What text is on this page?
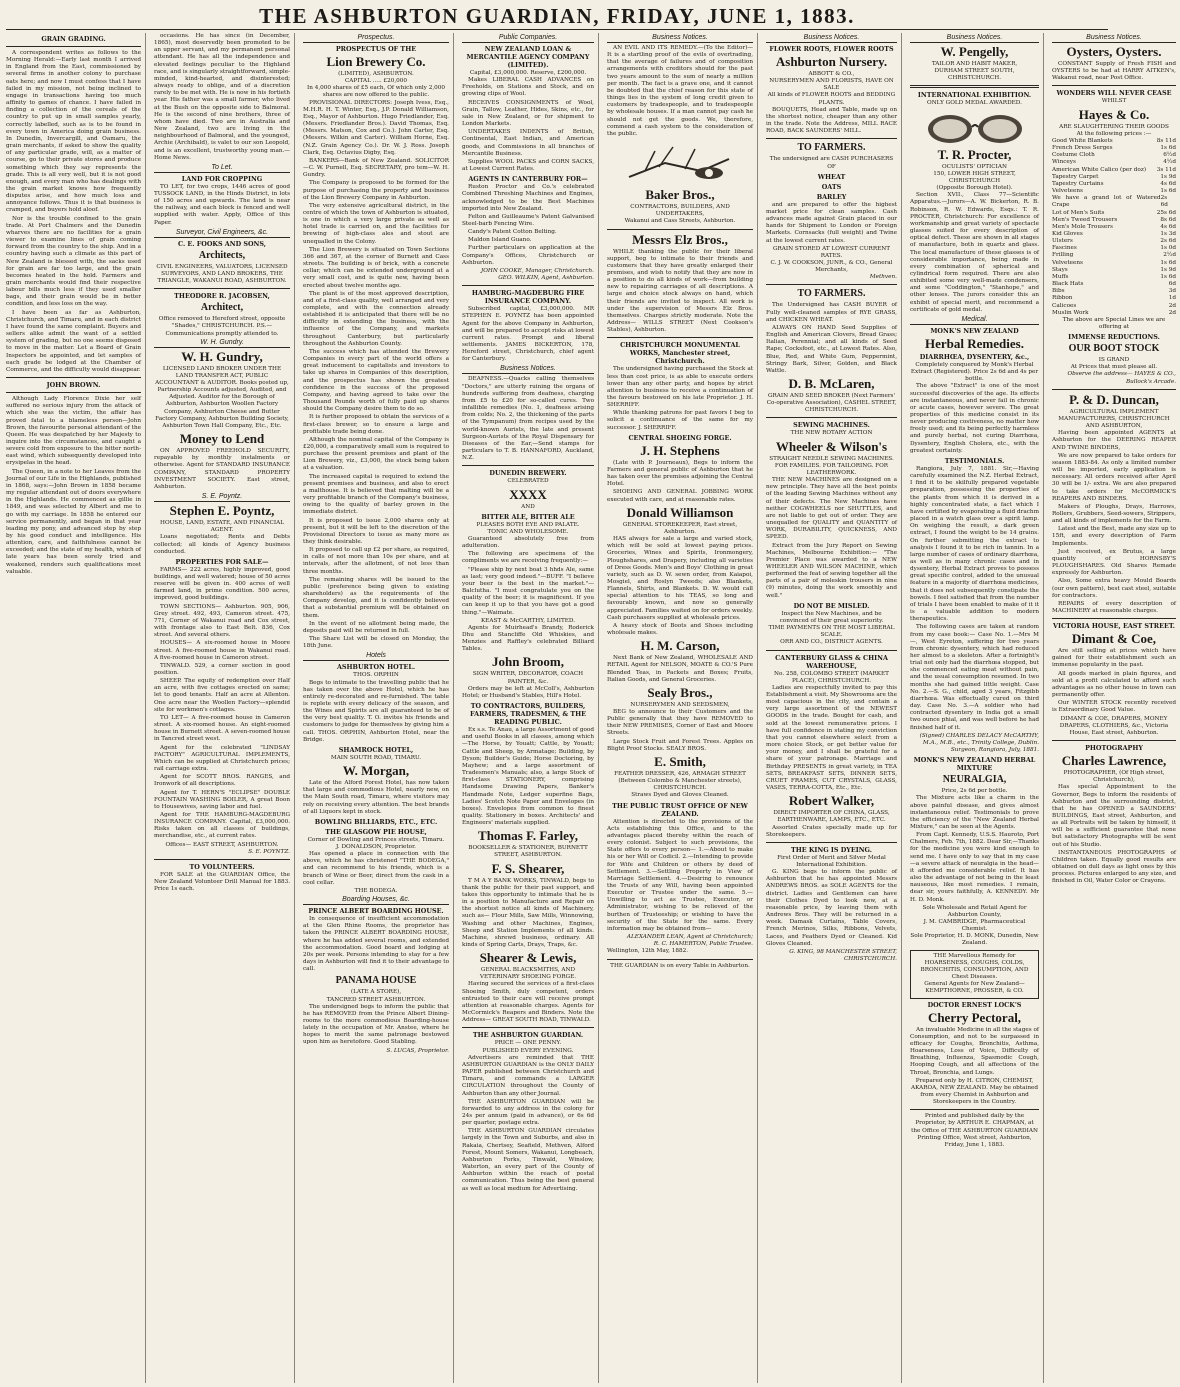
THE ASHBURTON GUARDIAN, FRIDAY, JUNE 1, 1883.
GRAIN GRADING.

A correspondent writes as follows to the Morning Herald:—Early last month I arrived in England from the East, commissioned by several firms in another colony to purchase oats here; and now I must confess that I have failed in my mission, not being inclined to engage in transactions having too much affinity to games of chance. I have failed in finding a collection of the cereals of the country to put up in small samples yearly, correctly labelled, such as is to be found in every town in America doing grain business. In Dunedin, Invercargill, and Oamaru, the grain merchants, if asked to show the quality of any particular grade, will, as a matter of course, go to their private stores and produce something which they say represents the grade. This is all very well, but it is not good enough, and every man who has dealings with the grain market knows how frequently disputes arise, and how much loss and annoyance follows. Thus it is that business is cramped, and buyers hold aloof.

Nor is the trouble confined to the grain trade. At Port Chalmers and the Dunedin wharves there are no facilities for a grain viewer to examine lines of grain coming forward from the country to the ship. And in a country having such a climate as this part of New Zealand is blessed with, the sacks used for grain are far too large, and the grain becomes heated in the hold. Farmers and grain merchants would find their respective labour bills much less if they used smaller bags, and their grain would be in better condition, and less loss on the way.

I have been as far as Ashburton, Christchurch, and Timaru, and in each district I have found the same complaint. Buyers and sellers alike admit the want of a settled system of grading, but no one seems disposed to move in the matter. Let a Board of Grain Inspectors be appointed, and let samples of each grade be lodged at the Chamber of Commerce, and the difficulty would disappear.

JOHN BROWN.

Although Lady Florence Dixie her self suffered no serious injury from the attack of which she was the victim, the affair has proved fatal to a blameless person—John Brown, the favourite personal attendant of the Queen. He was despatched by her Majesty to inquire into the circumstances, and caught a severe cold from exposure to the bitter north-east wind, which subsequently developed into erysipelas in the head.

The Queen, in a note to her Leaves from the Journal of our Life in the Highlands, published in 1868, says:—John Brown in 1858 became my regular attendant out of doors everywhere in the Highlands. He commenced as gillie in 1849, and was selected by Albert and me to go with my carriage. In 1858 he entered our service permanently, and began in that year leading my pony, and advanced step by step by his good conduct and intelligence. His attention, care, and faithfulness cannot be exceeded; and the state of my health, which of late years has been sorely tried and weakened, renders such qualifications most valuable.

occasions. He has since (in December, 1865), most deservedly been promoted to be an upper servant, and my permanent personal attendant. He has all the independence and elevated feelings peculiar to the Highland race, and is singularly straightforward, simple-minded, kind-hearted, and disinterested; always ready to oblige, and of a discretion rarely to be met with. He is now in his fortieth year. His father was a small farmer, who lived at the Bush on the opposite side to Balmoral. He is the second of nine brothers, three of whom have died. Two are in Australia and New Zealand, two are living in the neighbourhood of Balmoral, and the youngest, Archie (Archibald), is valet to our son Leopold, and is an excellent, trustworthy young man.—Home News.

To Let.
LAND FOR CROPPING

TO LET, for two crops, 1446 acres of good TUSSOCK LAND, in the Hinds District, in lots of 150 acres and upwards. The land is near the railway, and each block is fenced and well supplied with water. Apply, Office of this Paper.

Surveyor, Civil Engineers, &c.
C. E. FOOKS AND SONS,
Architects,
CIVIL ENGINEERS, VALUATORS, LICENSED SURVEYORS, AND LAND BROKERS, THE TRIANGLE, WAKANUI ROAD, ASHBURTON.
THEODORE R. JACOBSEN,
Architect,
Office removed to Hereford street, opposite "Shades," CHRISTCHURCH. P.S.—Communications promptly attended to.
W. H. Gundry.
W. H. Gundry,
LICENSED LAND BROKER UNDER THE LAND TRANSFER ACT, PUBLIC ACCOUNTANT & AUDITOR. Books posted up, Partnership Accounts adjusted, Audited, and Adjusted. Auditor for the Borough of Ashburton, Ashburton Woollen Factory Company, Ashburton Cheese and Butter Factory Company, Ashburton Building Society, Ashburton Town Hall Company, Etc., Etc.
Money to Lend

ON APPROVED FREEHOLD SECURITY, repayable by monthly instalments or otherwise. Agent for STANDARD INSURANCE COMPANY, STANDARD PROPERTY INVESTMENT SOCIETY. East street, Ashburton.

S. E. Poyntz.
Stephen E. Poyntz,
HOUSE, LAND, ESTATE, AND FINANCIAL AGENT.

Loans negotiated; Rents and Debts collected; all kinds of Agency business conducted.

PROPERTIES FOR SALE—

FARMS— 222 acres, highly improved, good buildings, and well watered; house of 50 acres reserve will be given in. 400 acres of well farmed land, in prime condition. 500 acres, improved, good buildings.

TOWN SECTIONS— Ashburton. 905, 906, Grey street. 492, 493, Cameron street. 475, 771, Corner of Wakanui road and Cox street, with frontage also to East Belt. 836, Cox street. And several others.

HOUSES— A six-roomed house in Moore street. A five-roomed house in Wakanui road. A five-roomed house in Cameron street.

TINWALD. 529, a corner section in good position.

SHEEP. The equity of redemption over Half an acre, with five cottages erected on same; let to good tenants. Half an acre at Allenton. One acre near the Woollen Factory—splendid site for workmen's cottages.

TO LET— A five-roomed house in Cameron street. A six-roomed house. An eight-roomed house in Burnett street. A seven-roomed house in Tancred street west.

Agent for the celebrated "LINDSAY FACTORY" AGRICULTURAL IMPLEMENTS, Which can be supplied at Christchurch prices; rail carriage extra.

Agent for SCOTT BROS. RANGES, and Ironwork of all descriptions.

Agent for T. HERN'S "ECLIPSE" DOUBLE FOUNTAIN WASHING BOILER, A great Boon to Housewives, saving labor and fuel.

Agent for THE HAMBURG-MAGDEBURG INSURANCE COMPANY. Capital, £3,000,000. Risks taken on all classes of buildings, merchandise, etc., at current rates.

Offices— EAST STREET, ASHBURTON.
S. E. POYNTZ.
TO VOLUNTEERS.

FOR SALE at the GUARDIAN Office, the New Zealand Volunteer Drill Manual for 1883. Price 1s each.

Prospectus.
PROSPECTUS OF THE
Lion Brewery Co.
(LIMITED), ASHBURTON.
CAPITAL ..... £20,000
In 4,000 shares of £5 each, Of which only 2,000 shares are now offered to the public.

PROVISIONAL DIRECTORS: Joseph Ivess, Esq., M.H.R. H. T. Winter, Esq., J.P. Donald Williamson, Esq., Mayor of Ashburton. Hugo Friedlander, Esq. (Messrs. Friedlander Bros.). David Thomas, Esq. (Messrs. Matson, Cox and Co.). John Carter, Esq. (Messrs. Wilkin and Carter). William Horne, Esq. (N.Z. Grain Agency Co.). Dr. W. J. Ross. Joseph Clark, Esq. Octavius Digby, Esq.

BANKERS—Bank of New Zealand. SOLICITOR—C. W. Purnell, Esq. SECRETARY, pro tem—W. H. Gundry.

The Company is proposed to be formed for the purpose of purchasing the property and business of the Lion Brewery Company in Ashburton.

The very extensive agricultural district, in the centre of which the town of Ashburton is situated, is one in which a very large private as well as hotel trade is carried on, and the facilities for brewing of high-class ales and stout are unequalled in the Colony.

The Lion Brewery is situated on Town Sections 366 and 367, at the corner of Burnett and Cass streets. The building is of brick, with a concrete cellar, which can be extended underground at a very small cost, and is quite new, having been erected about twelve months ago.

The plant is of the most approved description, and of a first-class quality, well arranged and very complete, and with the connection already established it is anticipated that there will be no difficulty in extending the business, with the influence of the Company, and markets throughout Canterbury, but particularly throughout the Ashburton County.

The success which has attended the Brewery Companies in every part of the world offers a great inducement to capitalists and investors to take up shares in Companies of this description, and the prospectus has shown the greatest confidence in the success of the proposed Company, and having agreed to take over the Thousand Pounds worth of fully paid up shares should the Company desire them to do so.

It is further proposed to obtain the services of a first-class brewer, so to ensure a large and profitable trade being done.

Although the nominal capital of the Company is £20,000, a comparatively small sum is required to purchase the present premises and plant of the Lion Brewery, viz., £3,000, the stock being taken at a valuation.

The increased capital is required to extend the present premises and business, and also to erect a malthouse. It is believed that malting will be a very profitable branch of the Company's business, owing to the quality of barley grown in the immediate district.

It is proposed to issue 2,000 shares only at present, but it will be left to the discretion of the Provisional Directors to issue as many more as they think desirable.

It proposed to call up £2 per share, as required, in calls of not more than 10s per share, and at intervals, after the allotment, of not less than three months.

The remaining shares will be issued to the public (preference being given to existing shareholders) as the requirements of the Company develop, and it is confidently believed that a substantial premium will be obtained on them.

In the event of no allotment being made, the deposits paid will be returned in full.

The Share List will be closed on Monday, the 18th June.

Hotels
ASHBURTON HOTEL.
THOS. ORPHIN

Begs to intimate to the travelling public that he has taken over the above Hotel, which he has entirely re-decorated and re-furnished. The table is replete with every delicacy of the season, and the Wines and Spirits are all guaranteed to be of the very best quality. T. O. invites his friends and customers to judge for themselves by giving him a call. THOS. ORPHIN, Ashburton Hotel, near the Bridge.

SHAMROCK HOTEL,
MAIN SOUTH ROAD, TIMARU.
W. Morgan,

Late of the Alford Forest Hotel, has now taken that large and commodious Hotel, nearly new, on the Main South road, Timaru, where visitors may rely on receiving every attention. The best brands of all Liquors kept in stock.

BOWLING BILLIARDS, ETC., ETC.
THE GLASGOW PIE HOUSE,
Corner of Dowling and Princes streets, Timaru.
J. DONALDSON, Proprietor.

Has opened a place in connection with the above, which he has christened "THE BODEGA," and can recommend to his friends, which is a branch of Wine or Beer, direct from the cask in a cool cellar.

THE BODEGA.
Boarding Houses, &c.
PRINCE ALBERT BOARDING HOUSE.

In consequence of insufficient accommodation at the Glen Rhine Rooms, the proprietor has taken the PRINCE ALBERT BOARDING HOUSE, where he has added several rooms, and extended the accommodation. Good board and lodging at 20s per week. Persons intending to stay for a few days in Ashburton will find it to their advantage to call.

PANAMA HOUSE
(LATE A STORE),
TANCRED STREET ASHBURTON.

The undersigned begs to inform the public that he has REMOVED from the Prince Albert Dining-rooms to the more commodious Boarding-house lately in the occupation of Mr. Anstee, where he hopes to merit the same patronage bestowed upon him as heretofore. Good Stabling.

S. LUCAS, Proprietor.
Public Companies.
NEW ZEALAND LOAN & MERCANTILE AGENCY COMPANY (LIMITED).
Capital, £3,000,000. Reserve, £200,000.

Makes LIBERAL CASH ADVANCES on Freeholds, on Stations and Stock, and on growing clips of Wool.

RECEIVES CONSIGNMENTS of Wool, Grain, Tallow, Leather, Hides, Skins, etc., for sale in New Zealand, or for shipment to London Markets.

UNDERTAKES INDENTS of British, Continental, East Indian, and American goods, and Commissions in all branches of Mercantile Business.

Supplies WOOL PACKS and CORN SACKS, at Lowest Current Rates.

AGENTS IN CANTERBURY FOR—

Ruston Proctor and Co.'s celebrated Combined Threshing Machines and Engines, acknowledged to be the Best Machines imported into New Zealand.

Felton and Guilleaume's Patent Galvanised Steel-barb Fencing Wire.

Candy's Patent Cotton Belting.

Maldon Island Guano.

Further particulars on application at the Company's Offices, Christchurch or Ashburton.

JOHN COOKE, Manager, Christchurch.
GEO. WILKIN, Agent, Ashburton.
HAMBURG-MAGDEBURG FIRE INSURANCE COMPANY.

Subscribed capital, £3,000,000. MR STEPHEN E. POYNTZ has been appointed Agent for the above Company in Ashburton, and will be prepared to accept risks at lowest current rates. Prompt and liberal settlements. JAMES BICKERTON, 178, Hereford street, Christchurch, chief agent for Canterbury.

Business Notices.

DEAFNESS.—Quacks calling themselves "Doctors," are utterly ruining the organs of hundreds suffering from deafness, charging from £5 to £20 for so-called cures. Two infallible remedies (No. 1, deafness arising from colds; No. 2, the thickening of the parts of the Tympanum) from recipes used by the world-known Aurists, the late and present Surgeon-Aurists of the Royal Dispensary for Diseases of the Ear,—Send stamps for particulars to T. B. HANNAFORD, Auckland, N.Z.

DUNEDIN BREWERY.
CELEBRATED
XXXX
AND
BITTER ALE, BITTER ALE
PLEASES BOTH EYE AND PALATE.
TONIC AND WHOLESOME.

Guaranteed absolutely free from adulteration.

The following are specimens of the compliments we are receiving frequently:—

"Please ship by next boat 3 hhds Ale, same as last; very good indeed."—BUFF. "I believe your beer is the best in the market."—Balclutha. "I must congratulate you on the quality of the beer; it is magnificent. If you can keep it up to that you have got a good thing."—Waimate.

KEAST & McCARTHY, LIMITED.

Agents for Muirhead's Brandy, Roderick Dhu and Stancliffe Old Whiskies, and Menzies and Raffley's celebrated Billiard Tables.

John Broom,
SIGN WRITER, DECORATOR, COACH PAINTER, &c.

Orders may be left at McColl's, Ashburton Hotel; or Husband's Stables, Hill's Hotel.

TO CONTRACTORS, BUILDERS, FARMERS, TRADESMEN, & THE READING PUBLIC.

Ex s.s. Te Anau, a large Assortment of good and useful Books in all classes, among which—The Horse, by Youatt; Cattle, by Youatt; Cattle and Sheep, by Armatage; Building, by Dyson; Builder's Guide; Horse Doctoring, by Mayhew; and a large assortment of Tradesmen's Manuals; also, a large Stock of first-class STATIONERY, comprising Handsome Drawing Papers, Banker's Handmade Note, Ledger superfine Bags, Ladies' Scotch Note Paper and Envelopes (in boxes). Envelopes from common to finest quality. Stationery in boxes. Architects' and Engineers' materials supplied.

Thomas F. Farley,
BOOKSELLER & STATIONER, BURNETT STREET, ASHBURTON.
F. S. Shearer,

T M A Y BANK WORKS, TINWALD, begs to thank the public for their past support, and takes this opportunity to intimate that he is in a position to Manufacture and Repair on the shortest notice all kinds of Machinery, such as— Flour Mills, Saw Mills, Winnowing, Washing and other Machines, Engines, Sheep and Station Implements of all kinds. Machine, shrewd business, ordinary. All kinds of Spring Carts, Drays, Traps, &c.

Shearer & Lewis,
GENERAL BLACKSMITHS, AND VETERINARY SHOEING FORGE.

Having secured the services of a first-class Shoeing Smith, duly competent, orders entrusted to their care will receive prompt attention at reasonable charges. Agents for McCormick's Reapers and Binders. Note the Address— GREAT SOUTH ROAD, TINWALD.

THE ASHBURTON GUARDIAN.
PRICE — ONE PENNY.
PUBLISHED EVERY EVENING.

Advertisers are reminded that THE ASHBURTON GUARDIAN is the ONLY DAILY PAPER published between Christchurch and Timaru, and commands a LARGER CIRCULATION throughout the County of Ashburton than any other Journal.

THE ASHBURTON GUARDIAN will be forwarded to any address in the colony for 24s per annum (paid in advance), or 6s 6d per quarter, postage extra.

THE ASHBURTON GUARDIAN circulates largely in the Town and Suburbs, and also in Rakaia, Chertsey, Seafield, Methven, Alford Forest, Mount Somers, Wakanui, Longbeach, Ashburton Forks, Tinwald, Winslow, Waterton, an every part of the County of Ashburton within the reach of postal communication. Thus being the best general as well as local medium for Advertising.

Business Notices.

AN EVIL AND ITS REMEDY.—(To the Editor)—It is a startling proof of the evils of overtrading, that the average of failures and of composition arrangements with creditors should for the past two years amount to the sum of nearly a million per month. The fact is a grave one, and it cannot be doubted that the chief reason for this state of things lies in the system of long credit given to customers by tradespeople, and to tradespeople by wholesale houses. If a man cannot pay cash he should not get the goods. We, therefore, commend a cash system to the consideration of the public.

Baker Bros.,
CONTRACTORS, BUILDERS, AND UNDERTAKERS,
Wakanui and Cass Streets, Ashburton.
Messrs Elz Bros.,

WHILE thanking the public for their liberal support, beg to intimate to their friends and customers that they have greatly enlarged their premises, and wish to notify that they are now in a position to do all kinds of work—from building new to repairing carriages of all descriptions. A large and choice stock always on hand, which their friends are invited to inspect. All work is under the supervision of Messrs Elz Bros. themselves. Charges strictly moderate. Note the Address— WILLS STREET (Next Cookson's Stables), Ashburton.

CHRISTCHURCH MONUMENTAL WORKS, Manchester street, Christchurch.

The undersigned having purchased the Stock at less than cost price, is as able to execute orders lower than any other party, and hopes by strict attention to business to receive a continuation of the favours bestowed on his late Proprietor. J. H. SHERRIFF.

While thanking patrons for past favors I beg to solicit a continuance of the same for my successor. J. SHERRIFF.

CENTRAL SHOEING FORGE.
J. H. Stephens

(Late with P. Journeaux), Begs to inform the Farmers and general public of Ashburton that he has taken over the premises adjoining the Central Hotel.

SHOEING AND GENERAL JOBBING WORK executed with care, and at reasonable rates.

Donald Williamson
GENERAL STOREKEEPER, East street, Ashburton.

HAS always for sale a large and varied stock, which will be sold at lowest paying prices. Groceries, Wines and Spirits, Ironmongery, Ploughshares, and Drapery, including all varieties of Dress Goods. Men's and Boys' Clothing in great variety, such as D. W. sewn order, from Kaiapoi, Mosgiel, and Roslyn Tweeds; also Blankets, Flannels, Shirts, and Blankets. D. W. would call special attention to his TEAS, so long and favourably known, and now so generally appreciated. Families waited on for orders weekly. Cash purchasers supplied at wholesale prices.

A heavy stock of Boots and Shoes including wholesale makes.

H. M. Carson,

Next Bank of New Zealand, WHOLESALE AND RETAIL Agent for NELSON, MOATE & CO.'S Pure Blended Teas, in Packets and Boxes; Fruits, Italian Goods, and General Groceries.

Sealy Bros.,
NURSERYMEN AND SEEDSMEN,

BEG to announce to their Customers and the Public generally that they have REMOVED to their NEW PREMISES, Corner of East and Moore Streets.

Large Stock Fruit and Forest Trees. Apples on Blight Proof Stocks. SEALY BROS.

E. Smith,
FEATHER DRESSER, 426, ARMAGH STREET (Between Colombo & Manchester streets), CHRISTCHURCH.
Straws Dyed and Gloves Cleaned.
THE PUBLIC TRUST OFFICE OF NEW ZEALAND.

Attention is directed to the provisions of the Acts establishing this Office, and to the advantages placed thereby within the reach of every colonist. Subject to such provisions, the State offers to every person— 1.—About to make his or her Will or Codicil. 2.—Intending to provide for Wife and Children or others by deed of Settlement. 3.—Settling Property in View of Marriage Settlement. 4.—Desiring to renounce the Trusts of any Will, having been appointed Executor or Trustee under the same. 5.—Unwilling to act as Trustee, Executor, or Administrator, wishing to be relieved of the burthen of Trusteeship; or wishing to have the security of the State for the same. Every information may be obtained from—

ALEXANDER LEAN, Agent at Christchurch;
R. C. HAMERTON, Public Trustee.
Wellington, 12th May, 1882.
THE GUARDIAN is on every Table in Ashburton.
Business Notices.
FLOWER ROOTS, FLOWER ROOTS
Ashburton Nursery.
ABBOTT & CO.,
NURSERYMEN AND FLORISTS, HAVE ON SALE
All kinds of FLOWER ROOTS and BEDDING PLANTS.

BOUQUETS, Head and Table, made up on the shortest notice, cheaper than any other in the trade. Note the Address, MILL RACE ROAD, BACK SAUNDERS' MILL.

TO FARMERS.
The undersigned are CASH PURCHASERS OF
WHEAT
OATS
BARLEY

and are prepared to offer the highest market price for clean samples. Cash advances made against Grain placed in our hands for Shipment to London or Foreign Markets. Cornsacks (full weight) and Twine at the lowest current rates.

GRAIN STORED AT LOWEST CURRENT RATES.
C. J. W. COOKSON, JUNR., & CO., General Merchants,
Methven.
TO FARMERS.

The Undersigned has CASH BUYER of Fully well-cleaned samples of RYE GRASS, and CHICKEN WHEAT.

ALWAYS ON HAND Seed Supplies of English and American Clovers, Bread Grass; Italian, Perennial; and all kinds of Seed Rape; Cocksfoot, etc., at Lowest Rates. Also, Blue, Red, and White Gum, Peppermint, Stringy Bark, Silver, Golden, and Black Wattle.

D. B. McLaren,
GRAIN AND SEED BROKER (Next Farmers' Co-operative Association), CASHEL STREET, CHRISTCHURCH.
SEWING MACHINES.
THE NEW ROTARY ACTION
Wheeler & Wilson's
STRAIGHT NEEDLE SEWING MACHINES.
FOR FAMILIES. FOR TAILORING. FOR LEATHERWORK.

THE NEW MACHINES are designed on a new principle. They have all the best points of the leading Sewing Machines without any of their defects. The New Machines have neither COGWHEELS nor SHUTTLES, and are not liable to get out of order. They are unequalled for QUALITY and QUANTITY of WORK, DURABILITY, QUICKNESS, AND SPEED.

Extract from the Jury Report on Sewing Machines, Melbourne Exhibition:— "The Premier Place was awarded to a NEW WHEELER AND WILSON MACHINE, which performed the feat of sewing together all the parts of a pair of moleskin trousers in nine (9) minutes, doing the work smoothly and well."

DO NOT BE MISLED.
Inspect the New Machines, and be convinced of their great superiority.
TIME PAYMENTS ON THE MOST LIBERAL SCALE.
ORR AND CO., DISTRICT AGENTS.
CANTERBURY GLASS & CHINA WAREHOUSE,
No. 258, COLOMBO STREET (MARKET PLACE), CHRISTCHURCH.

Ladies are respectfully invited to pay this Establishment a visit. My Showrooms are the most capacious in the city, and contain a very large assortment of the NEWEST GOODS in the trade. Bought for cash, and sold at the lowest remunerative prices. I have full confidence in stating my conviction that you cannot elsewhere select from a more choice Stock, or get better value for your money, and I shall be grateful for a share of your patronage. Marriage and Birthday PRESENTS in great variety, in TEA SETS, BREAKFAST SETS, DINNER SETS, CRUET FRAMES, CUT CRYSTALS, GLASS, VASES, TERRA-COTTA, Etc., Etc.

Robert Walker,
DIRECT IMPORTER OF CHINA, GLASS, EARTHENWARE, LAMPS, ETC., ETC.

Assorted Crates specially made up for Storekeepers.

THE KING IS DYEING.
First Order of Merit and Silver Medal International Exhibition.

G. KING begs to inform the public of Ashburton that he has appointed Messrs ANDREWS BROS. as SOLE AGENTS for the district. Ladies and Gentlemen can have their Clothes Dyed to look new, at a reasonable price, by leaving them with Andrews Bros. They will be returned in a week. Damask Curtains, Table Covers, French Merinos, Silks, Ribbons, Velvets, Laces, and Feathers Dyed or Cleaned. Kid Gloves Cleaned.

G. KING, 98 MANCHESTER STREET, CHRISTCHURCH.
Business Notices.
W. Pengelly,
TAILOR AND HABIT MAKER,
DURHAM STREET SOUTH, CHRISTCHURCH.
INTERNATIONAL EXHIBITION.
ONLY GOLD MEDAL AWARDED.
T. R. Procter,
OCULISTS' OPTICIAN
150, LOWER HIGH STREET, CHRISTCHURCH
(Opposite Borough Hotel).

Section XVII., Class 77—Scientific Apparatus.—Jurors—A. W. Bickerton, R. B. Robinson, R. W. Edwards, Esqs.: T. R. PROCTER, Christchurch: For excellence of workmanship and great variety of spectacle glasses suited for every description of optical defect. These are shown in all stages of manufacture, both in quartz and glass. The local manufacture of these glasses is of considerable importance, being made in every combination of spherical and cylindrical form required. There are also exhibited some very well-made condensers, and some "Coddington," "Stanhope," and other lenses. The jurors consider this an exhibit of special merit, and recommend a certificate of gold medal.

Medical.
MONK'S NEW ZEALAND
Herbal Remedies.
DIARRHŒA, DYSENTERY, &c.,
Completely conquered by Monk's Herbal Extract (Registered). Price 2s 6d and 4s per bottle.

The above "Extract" is one of the most successful discoveries of the age. Its effects are instantaneous, and never fail in chronic or acute cases, however severe. The great properties of this medicine consist in its never producing costiveness, no matter how freely used; and its being perfectly harmless and purely herbal, not curing Diarrhœa, Dysentery, English Cholera, etc., with the greatest certainty.

TESTIMONIALS.

Rangiora, July 7, 1881. Sir,—Having carefully examined the N.Z. Herbal Extract, I find it to be skilfully prepared vegetable preparation, possessing the properties of the plants from which it is derived in a highly concentrated state, a fact which I have certified by evaporating a fluid drachm placed in a watch glass over a spirit lamp. On weighing the result, a dark green extract, I found the weight to be 14 grains. On further submitting the extract to analysis I found it to be rich in tannin. In a large number of cases of ordinary diarrhœa, as well as in many chronic cases and in dysentery, Herbal Extract proves to possess great specific control, added to the unusual feature in a majority of diarrhœa medicines, that it does not subsequently constipate the bowels. I feel satisfied that from the number of trials I have been enabled to make of it it is a valuable addition to modern therapeutics.

The following cases are taken at random from my case book:— Case No. 1.—Mrs M—, West Eyreton, suffering for two years from chronic dysentery, which had reduced her almost to a skeleton. After a fortnight's trial not only had the diarrhœa stopped, but she commenced eating meat without pain, and the usual consumption resumed. In two months she had gained little weight. Case No. 2.—S. G., child, aged 3 years, Fitzgibb diarrhœa. Was effectually cured on third day. Case No. 3.—A soldier who had contracted dysentery in India got a small two ounce phial, and was well before he had finished half of it.

(Signed) CHARLES DELACY McCARTHY, M.A., M.B., etc., Trinity College, Dublin. Surgeon, Rangiora, July, 1881.
MONK'S NEW ZEALAND HERBAL MIXTURE
NEURALGIA,
Price, 2s 6d per bottle.

The Mixture acts like a charm in the above painful disease, and gives almost instantaneous relief. Testimonials to prove the efficiency of the "New Zealand Herbal Mixture," can be seen at the Agents.

From Capt. Kennedy, U.S.S. Hauroto, Port Chalmers, Feb. 7th, 1882. Dear Sir,—Thanks for the medicine you were kind enough to send me. I have only to say that in my case—a severe attack of neuralgia in the head—it afforded me considerable relief. It has also the advantage of not being in the least nauseous, like most remedies. I remain, dear sir, yours faithfully, A. KENNEDY. Mr H. D. Monk.

Sole Wholesale and Retail Agent for Ashburton County,
J. M. CAMBRIDGE, Pharmaceutical Chemist.
Sole Proprietor, H. D. MONK, Dunedin, New Zealand.
THE Marvellous Remedy for HOARSENESS, COUGHS, COLDS, BRONCHITIS, CONSUMPTION, AND Chest Diseases.
General Agents for New Zealand— KEMPTHORNE, PROSSER, & CO.
DOCTOR ERNEST LOCK'S
Cherry Pectoral,

An invaluable Medicine in all the stages of Consumption, and not to be surpassed in efficacy for Coughs, Bronchitis, Asthma, Hoarseness, Loss of Voice, Difficulty of Breathing, Influenza, Spasmodic Cough, Hooping Cough, and all affections of the Throat, Bronchia, and Lungs.

Prepared only by H. CITRON, CHEMIST, AKAROA, NEW ZEALAND. May be obtained from every Chemist in Ashburton and Storekeepers in the Country.
Printed and published daily by the Proprietor, by ARTHUR E. CHAPMAN, at the Office of THE ASHBURTON GUARDIAN Printing Office, West street, Ashburton, Friday, June 1, 1883.
Business Notices.
Oysters, Oysters.

CONSTANT Supply of Fresh FISH and OYSTERS to be had at HARRY AITKEN's, Wakanui road, near Post Office.

WONDERS WILL NEVER CEASE
WHILST
Hayes & Co.
ARE SLAUGHTERING THEIR GOODS
At the following prices :—
Good White Blankets	8s 11d
French Dress Serges	1s 6d
Costume Cloth	6½d
Winceys	4½d
American White Calico (per doz) 3s 11d
Tapestry Carpet	1s 9d
Tapestry Curtains	4s 6d
Velveteens	1s 6d
We have a grand lot of Watered Crape
2s 6d
Lot of Men's Suits	25s 6d
Men's Tweed Trousers	8s 6d
Men's Mole Trousers	4s 6d
Kid Gloves	1s 3d
Ulsters	2s 6d
Fascines	1s 0d
Frilling	2½d
Velveteens	1s 6d
Stays	1s 9d
Muffs	1s 6d
Black Hats	6d
Bibs	3d
Ribbon	1d
Calicoes	2d
Muslin Work	2d
The above are Special Lines we are offering at
IMMENSE REDUCTIONS.
OUR BOOT STOCK
IS GRAND
At Prices that must please all.
Observe the address— HAYES & CO., Bullock's Arcade.
P. & D. Duncan,
AGRICULTURAL IMPLEMENT MANUFACTURERS, CHRISTCHURCH AND ASHBURTON,

Having been appointed AGENTS at Ashburton for the DEERING REAPER AND TWINE BINDERS,

We are now prepared to take orders for season 1883-84. As only a limited number will be imported, early application is necessary. All orders received after April 30 will be 1/- extra. We are also prepared to take orders for McCORMICK'S REAPERS AND BINDERS.

Makers of Ploughs, Drays, Harrows, Rollers, Grubbers, Seed-sowers, Strippers, and all kinds of implements for the Farm.

Latest and the Best, made any size up to 15ft, and every description of Farm Implements.

Just received, ex Brutus, a large quantity of HORNSBY'S PLOUGHSHARES. Old Shares Remade expressly for Ashburton.

Also, Some extra heavy Mould Boards (our own pattern), best cast steel, suitable for contractors.

REPAIRS of every description of MACHINERY at reasonable charges.

VICTORIA HOUSE, EAST STREET.
Dimant & Coe,

Are still selling at prices which have gained for their establishment such an immense popularity in the past.

All goods marked in plain figures, and sold at a profit calculated to afford such advantages as no other house in town can permanently offer.

Our WINTER STOCK recently received is Extraordinary Good Value.

DIMANT & COE, DRAPERS, MONEY DRAPERS, CLOTHIERS, &c., Victoria House, East street, Ashburton.
PHOTOGRAPHY
Charles Lawrence,
PHOTOGRAPHER, (Of High street, Christchurch),

Has special Appointment to the Governor, Begs to inform the residents of Ashburton and the surrounding district, that he has OPENED a SAUNDERS' BUILDINGS, East street, Ashburton, and as all Portraits will be taken by himself, it will be a sufficient guarantee that none but satisfactory Photographs will be sent out of his Studio.

INSTANTANEOUS PHOTOGRAPHS of Children taken. Equally good results are obtained on dull days as light ones by this process. Pictures enlarged to any size, and finished in Oil, Water Color or Crayons.
